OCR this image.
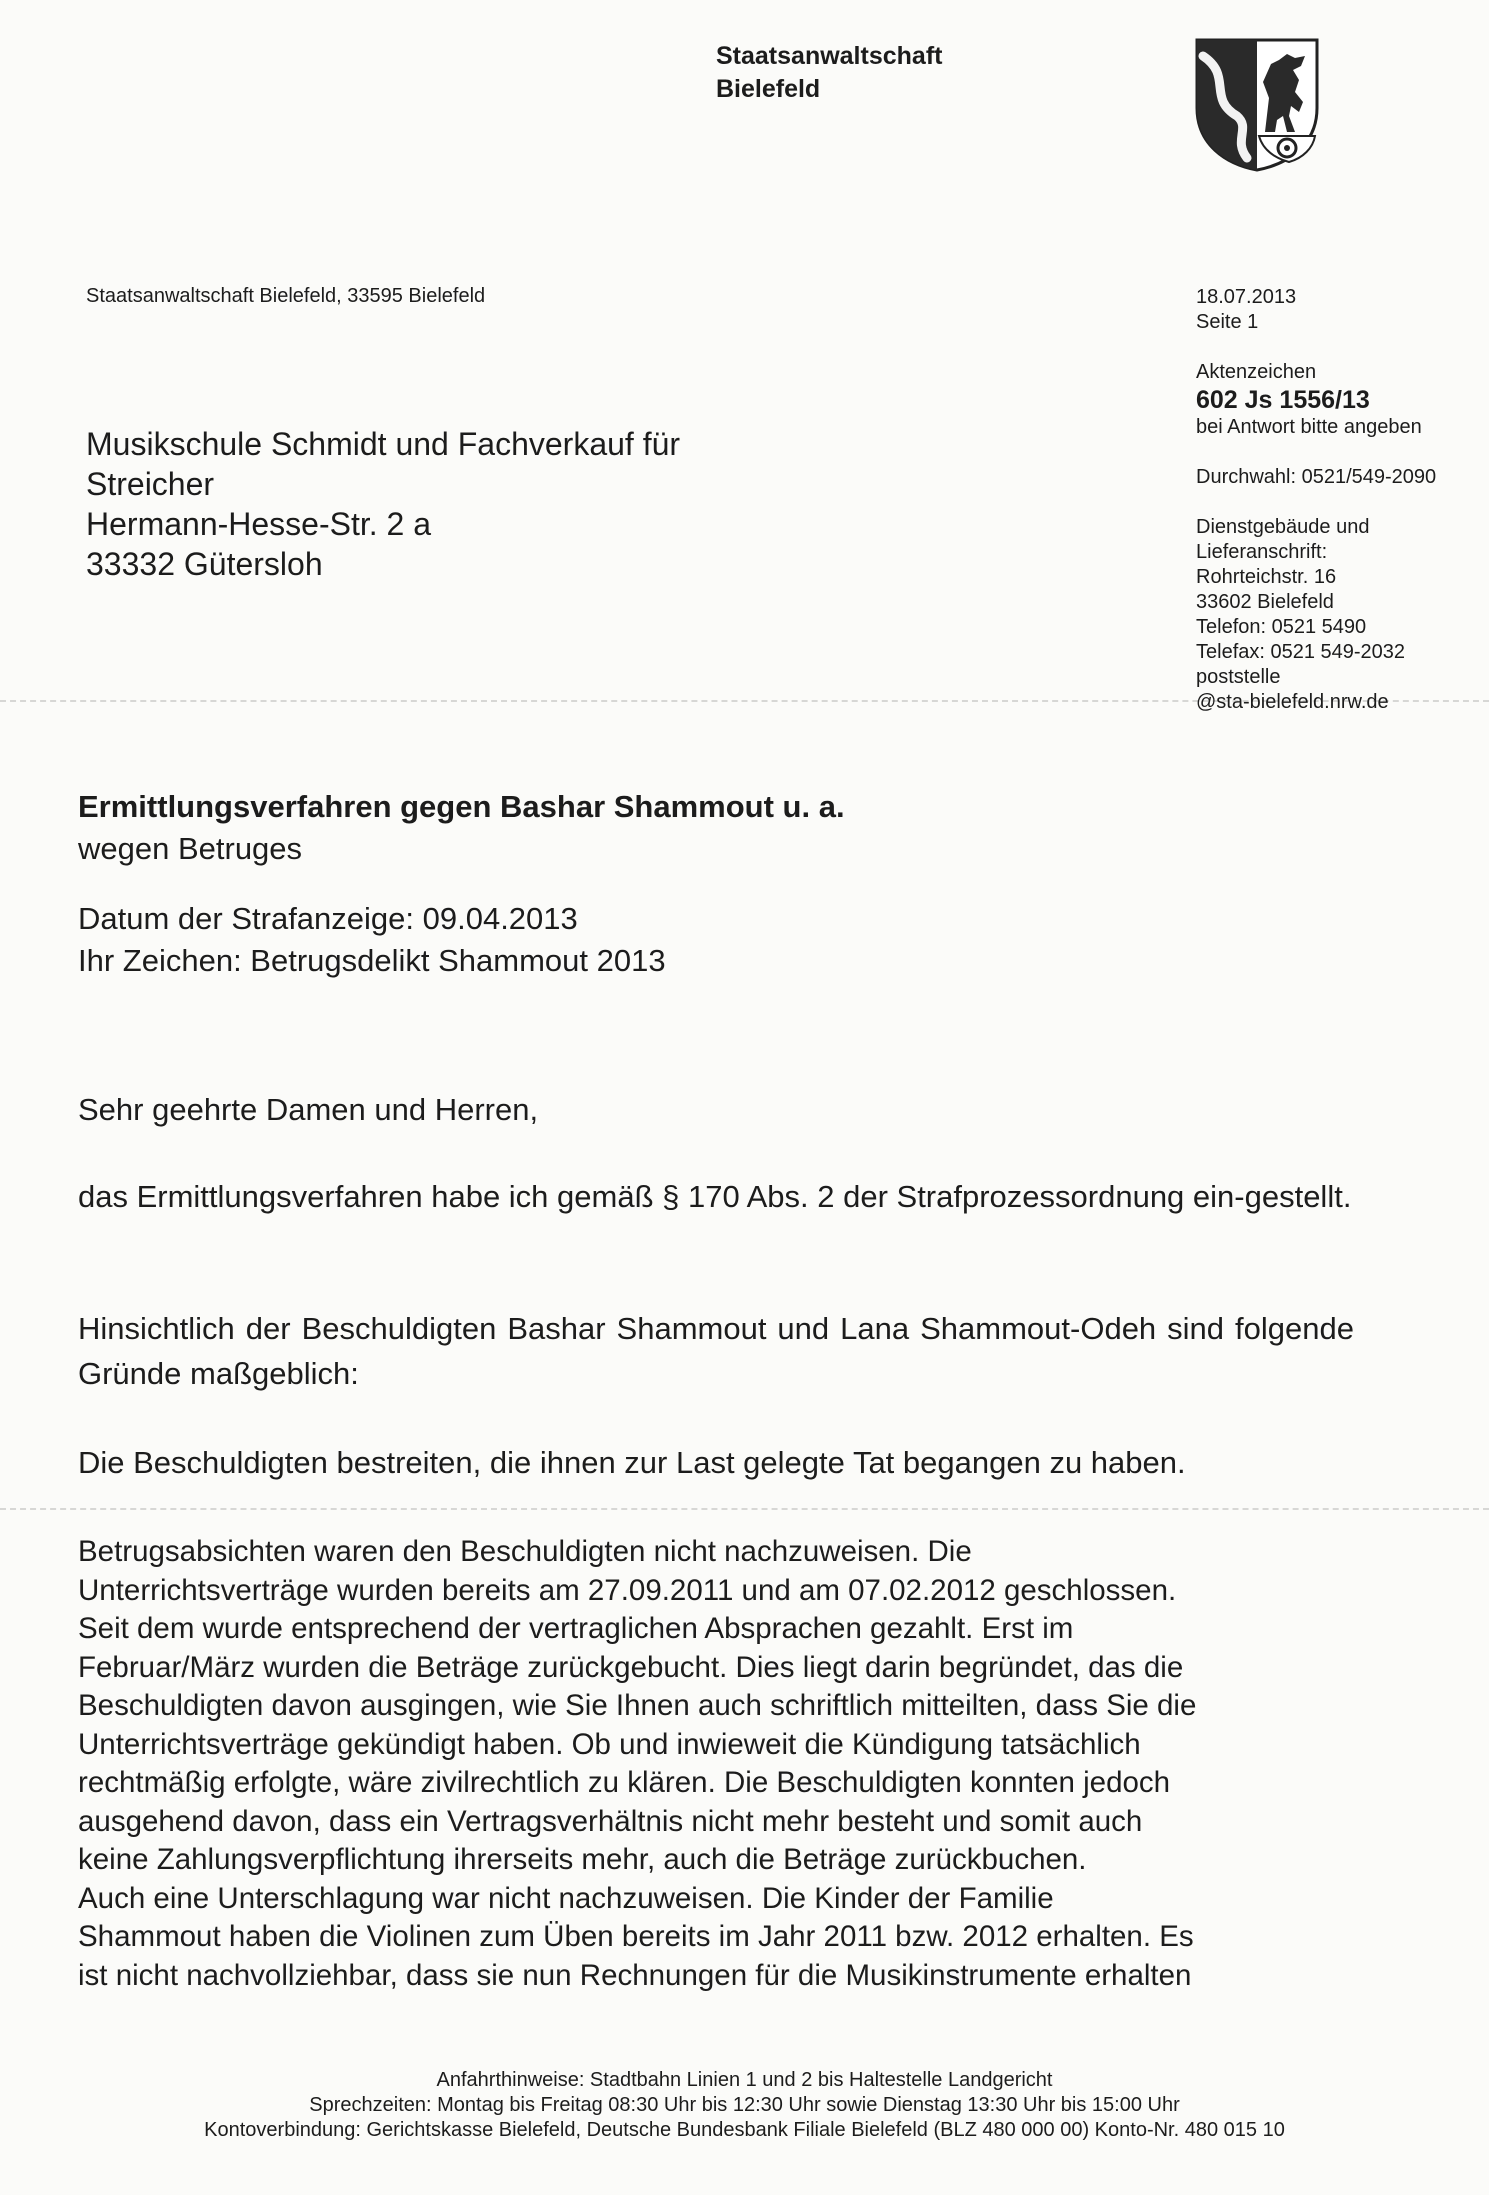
Staatsanwaltschaft
Bielefeld
Staatsanwaltschaft Bielefeld, 33595 Bielefeld
Musikschule Schmidt und Fachverkauf für
Streicher
Hermann-Hesse-Str. 2 a
33332 Gütersloh
18.07.2013
Seite 1
Aktenzeichen
602 Js 1556/13
bei Antwort bitte angeben
Durchwahl: 0521/549-2090
Dienstgebäude und
Lieferanschrift:
Rohrteichstr. 16
33602 Bielefeld
Telefon: 0521 5490
Telefax: 0521 549-2032
poststelle
@sta-bielefeld.nrw.de
Ermittlungsverfahren gegen Bashar Shammout u. a.
wegen Betruges
Datum der Strafanzeige: 09.04.2013
Ihr Zeichen: Betrugsdelikt Shammout 2013
Sehr geehrte Damen und Herren,
das Ermittlungsverfahren habe ich gemäß § 170 Abs. 2 der Strafprozessordnung ein-gestellt.
Hinsichtlich der Beschuldigten Bashar Shammout und Lana Shammout-Odeh sind folgende Gründe maßgeblich:
Die Beschuldigten bestreiten, die ihnen zur Last gelegte Tat begangen zu haben.
Betrugsabsichten waren den Beschuldigten nicht nachzuweisen. Die
Unterrichtsverträge wurden bereits am 27.09.2011 und am 07.02.2012 geschlossen.
Seit dem wurde entsprechend der vertraglichen Absprachen gezahlt. Erst im
Februar/März wurden die Beträge zurückgebucht. Dies liegt darin begründet, das die
Beschuldigten davon ausgingen, wie Sie Ihnen auch schriftlich mitteilten, dass Sie die
Unterrichtsverträge gekündigt haben. Ob und inwieweit die Kündigung tatsächlich
rechtmäßig erfolgte, wäre zivilrechtlich zu klären. Die Beschuldigten konnten jedoch
ausgehend davon, dass ein Vertragsverhältnis nicht mehr besteht und somit auch
keine Zahlungsverpflichtung ihrerseits mehr, auch die Beträge zurückbuchen.
Auch eine Unterschlagung war nicht nachzuweisen. Die Kinder der Familie
Shammout haben die Violinen zum Üben bereits im Jahr 2011 bzw. 2012 erhalten. Es
ist nicht nachvollziehbar, dass sie nun Rechnungen für die Musikinstrumente erhalten
Anfahrthinweise: Stadtbahn Linien 1 und 2 bis Haltestelle Landgericht
Sprechzeiten: Montag bis Freitag 08:30 Uhr bis 12:30 Uhr sowie Dienstag 13:30 Uhr bis 15:00 Uhr
Kontoverbindung: Gerichtskasse Bielefeld, Deutsche Bundesbank Filiale Bielefeld (BLZ 480 000 00) Konto-Nr. 480 015 10
